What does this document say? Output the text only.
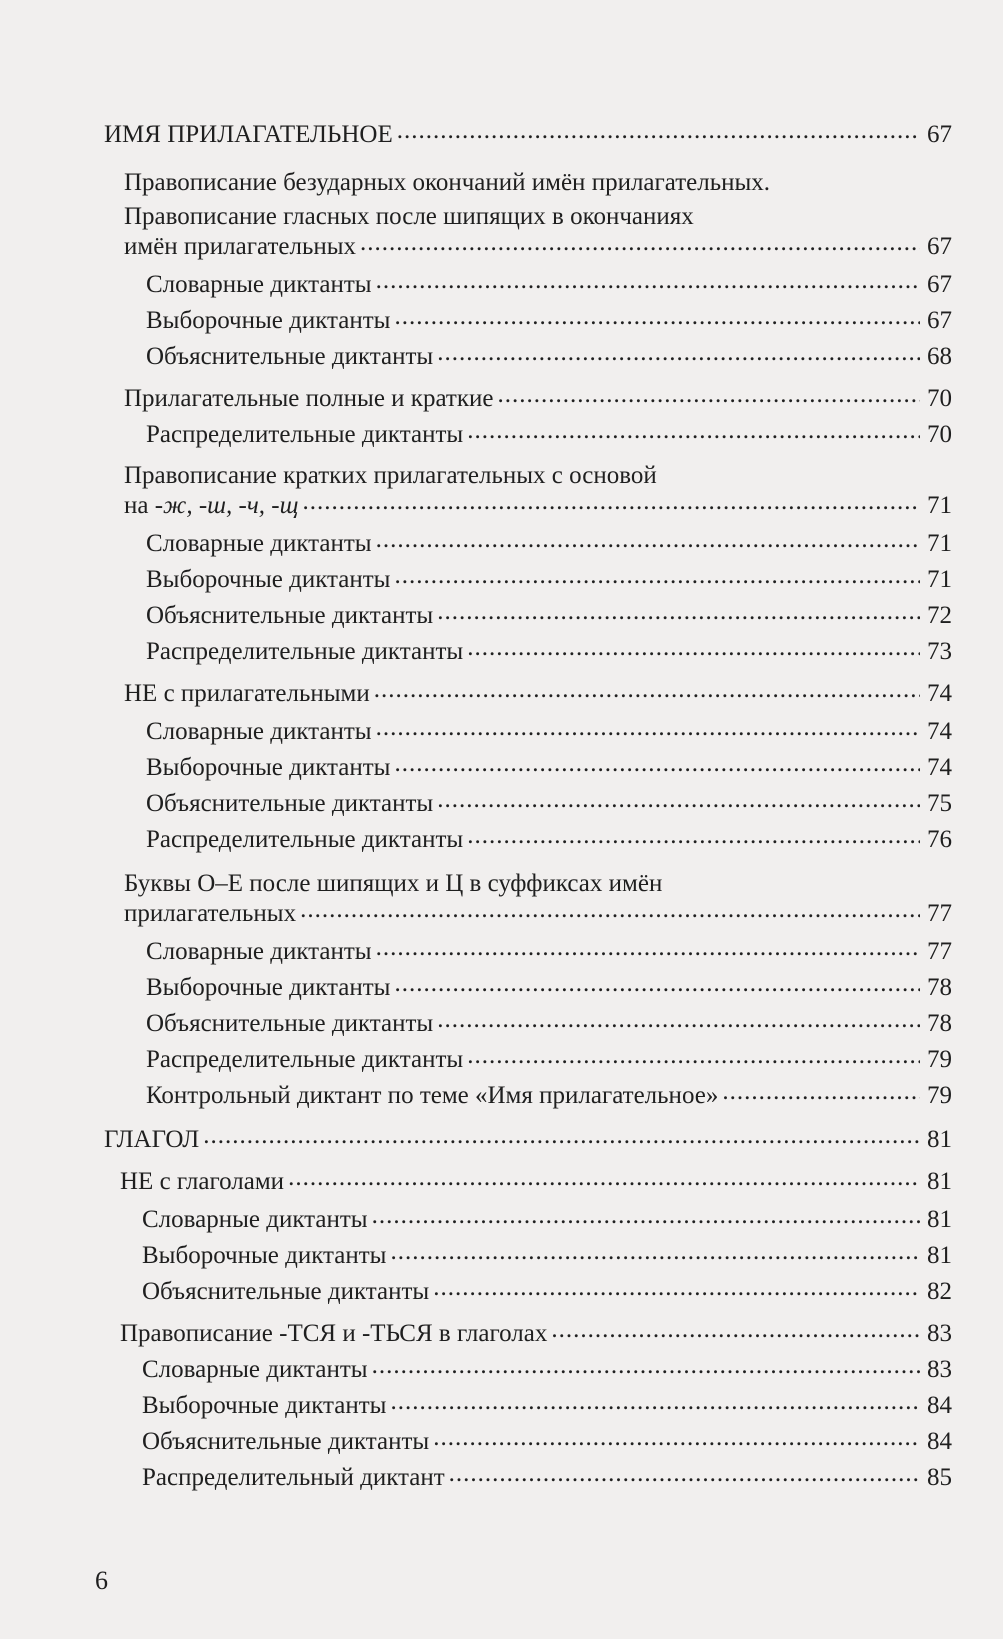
ИМЯ ПРИЛАГАТЕЛЬНОЕ .....	67
Правописание безударных окончаний имён прилагательных.
Правописание гласных после шипящих в окончаниях
имён прилагательных .....	67
Словарные диктанты .....	67
Выборочные диктанты .....	67
Объяснительные диктанты .....	68
Прилагательные полные и краткие .....	70
Распределительные диктанты .....	70
Правописание кратких прилагательных с основой
на -ж, -ш, -ч, -щ .....	71
Словарные диктанты .....	71
Выборочные диктанты .....	71
Объяснительные диктанты .....	72
Распределительные диктанты .....	73
НЕ с прилагательными .....	74
Словарные диктанты .....	74
Выборочные диктанты .....	74
Объяснительные диктанты .....	75
Распределительные диктанты .....	76
Буквы О–Е после шипящих и Ц в суффиксах имён
прилагательных .....	77
Словарные диктанты .....	77
Выборочные диктанты .....	78
Объяснительные диктанты .....	78
Распределительные диктанты .....	79
Контрольный диктант по теме «Имя прилагательное» .....	79
ГЛАГОЛ .....	81
НЕ с глаголами .....	81
Словарные диктанты .....	81
Выборочные диктанты .....	81
Объяснительные диктанты .....	82
Правописание -ТСЯ и -ТЬСЯ в глаголах .....	83
Словарные диктанты .....	83
Выборочные диктанты .....	84
Объяснительные диктанты .....	84
Распределительный диктант .....	85
6
